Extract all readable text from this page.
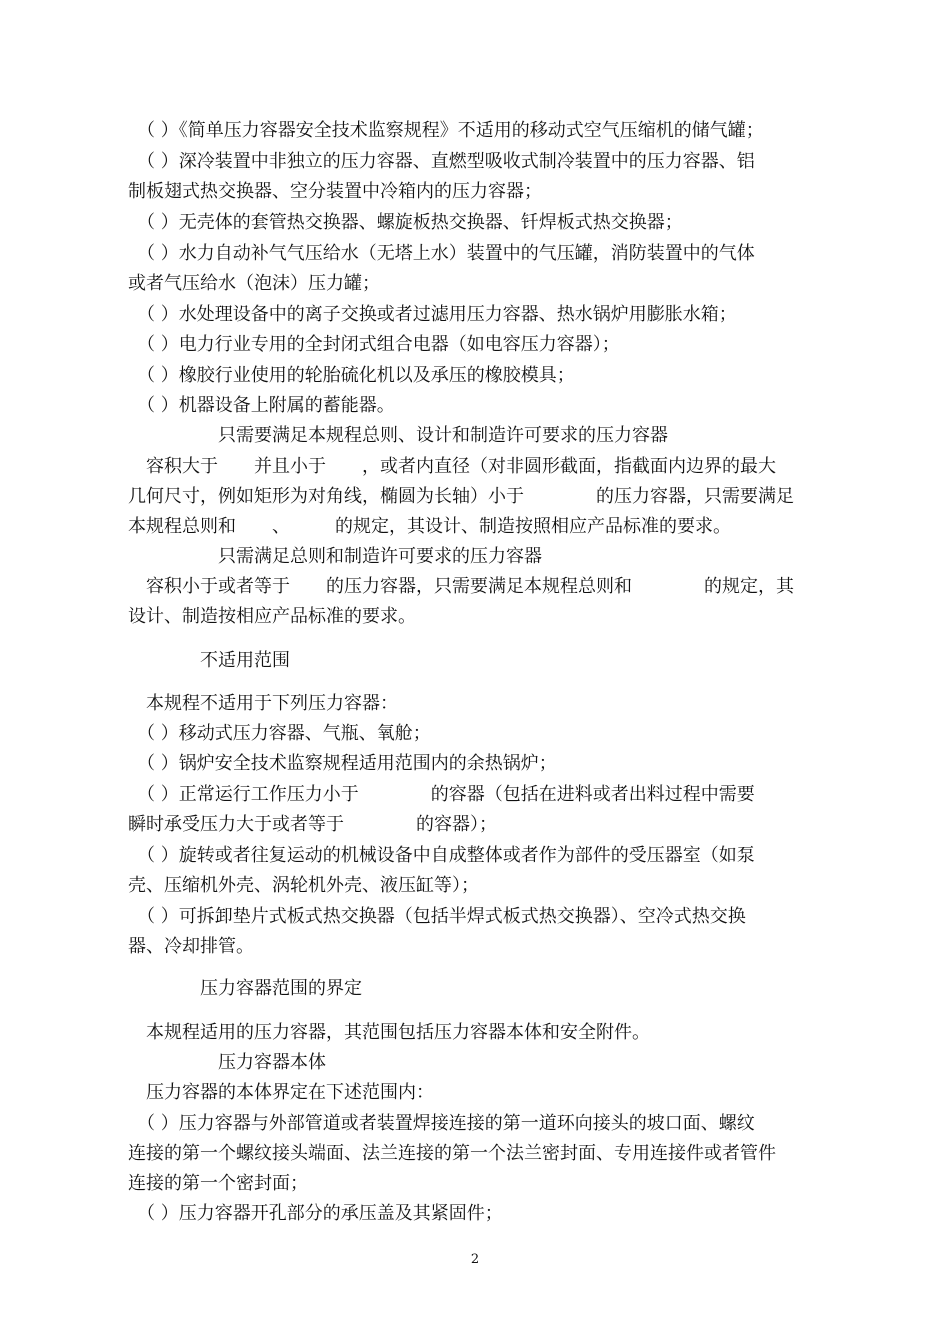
　（ ）《简单压力容器安全技术监察规程》不适用的移动式空气压缩机的储气罐；

　（ ）深冷装置中非独立的压力容器、直燃型吸收式制冷装置中的压力容器、铝

制板翅式热交换器、空分装置中冷箱内的压力容器；

　（ ）无壳体的套管热交换器、螺旋板热交换器、钎焊板式热交换器；

　（ ）水力自动补气气压给水（无塔上水）装置中的气压罐，消防装置中的气体

或者气压给水（泡沫）压力罐；

　（ ）水处理设备中的离子交换或者过滤用压力容器、热水锅炉用膨胀水箱；

　（ ）电力行业专用的全封闭式组合电器（如电容压力容器）；

　（ ）橡胶行业使用的轮胎硫化机以及承压的橡胶模具；

　（ ）机器设备上附属的蓄能器。

　　　　　只需要满足本规程总则、设计和制造许可要求的压力容器

　容积大于　　并且小于　　，或者内直径（对非圆形截面，指截面内边界的最大

几何尺寸，例如矩形为对角线，椭圆为长轴）小于　　　　的压力容器，只需要满足

本规程总则和　　、　　　的规定，其设计、制造按照相应产品标准的要求。

　　　　　只需满足总则和制造许可要求的压力容器

　容积小于或者等于　　的压力容器，只需要满足本规程总则和　　　　的规定，其

设计、制造按相应产品标准的要求。

　　　　不适用范围

　本规程不适用于下列压力容器：

　（ ）移动式压力容器、气瓶、氧舱；

　（ ）锅炉安全技术监察规程适用范围内的余热锅炉；

　（ ）正常运行工作压力小于　　　　的容器（包括在进料或者出料过程中需要

瞬时承受压力大于或者等于　　　　的容器）；

　（ ）旋转或者往复运动的机械设备中自成整体或者作为部件的受压器室（如泵

壳、压缩机外壳、涡轮机外壳、液压缸等）；

　（ ）可拆卸垫片式板式热交换器（包括半焊式板式热交换器）、空冷式热交换

器、冷却排管。

　　　　压力容器范围的界定

　本规程适用的压力容器，其范围包括压力容器本体和安全附件。

　　　　　压力容器本体

　压力容器的本体界定在下述范围内：

　（ ）压力容器与外部管道或者装置焊接连接的第一道环向接头的坡口面、螺纹

连接的第一个螺纹接头端面、法兰连接的第一个法兰密封面、专用连接件或者管件

连接的第一个密封面；

　（ ）压力容器开孔部分的承压盖及其紧固件；

2
